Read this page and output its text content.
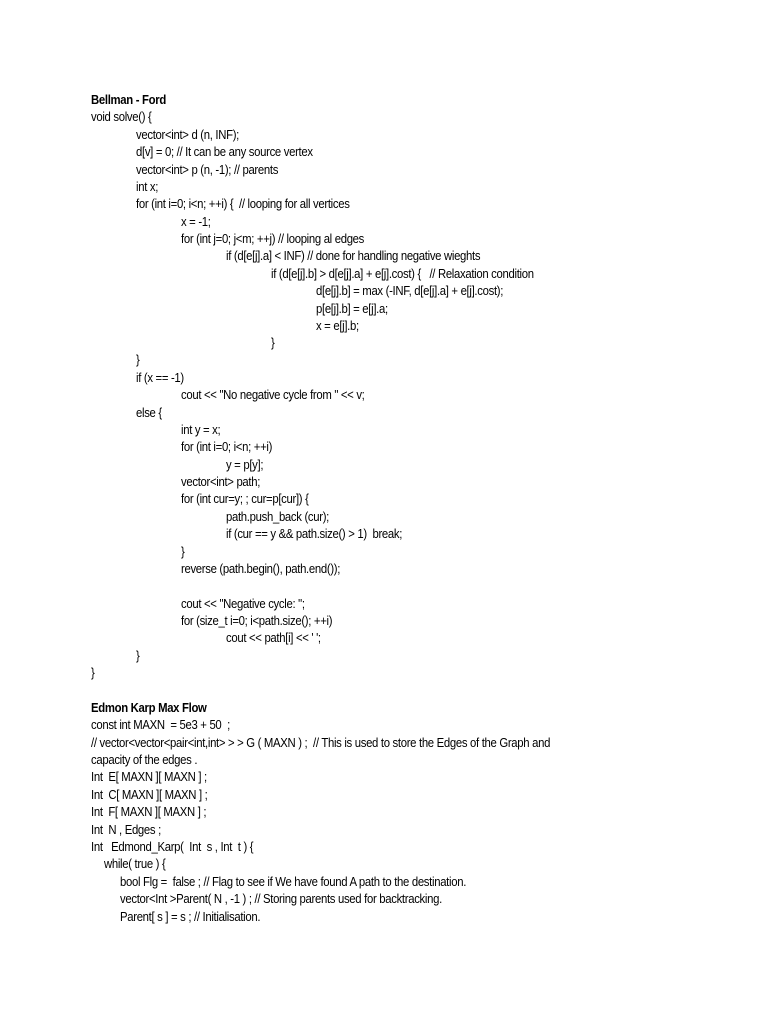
Bellman - Ford
void solve() {
vector<int> d (n, INF);
d[v] = 0; // It can be any source vertex
vector<int> p (n, -1); // parents
int x;
for (int i=0; i<n; ++i) {  // looping for all vertices
x = -1;
for (int j=0; j<m; ++j) // looping al edges
if (d[e[j].a] < INF) // done for handling negative wieghts
if (d[e[j].b] > d[e[j].a] + e[j].cost) {   // Relaxation condition
d[e[j].b] = max (-INF, d[e[j].a] + e[j].cost);
p[e[j].b] = e[j].a;
x = e[j].b;
}
}
if (x == -1)
cout << "No negative cycle from " << v;
else {
int y = x;
for (int i=0; i<n; ++i)
y = p[y];
vector<int> path;
for (int cur=y; ; cur=p[cur]) {
path.push_back (cur);
if (cur == y && path.size() > 1)  break;
}
reverse (path.begin(), path.end());
cout << "Negative cycle: ";
for (size_t i=0; i<path.size(); ++i)
cout << path[i] << ' ';
}
}
Edmon Karp Max Flow
const int MAXN  = 5e3 + 50  ;
// vector<vector<pair<int,int> > > G ( MAXN ) ;  // This is used to store the Edges of the Graph and
capacity of the edges .
Int  E[ MAXN ][ MAXN ] ;
Int  C[ MAXN ][ MAXN ] ;
Int  F[ MAXN ][ MAXN ] ;
Int  N , Edges ;
Int   Edmond_Karp(  Int  s , Int  t ) {
while( true ) {
bool Flg =  false ; // Flag to see if We have found A path to the destination.
vector<Int >Parent( N , -1 ) ; // Storing parents used for backtracking.
Parent[ s ] = s ; // Initialisation.
